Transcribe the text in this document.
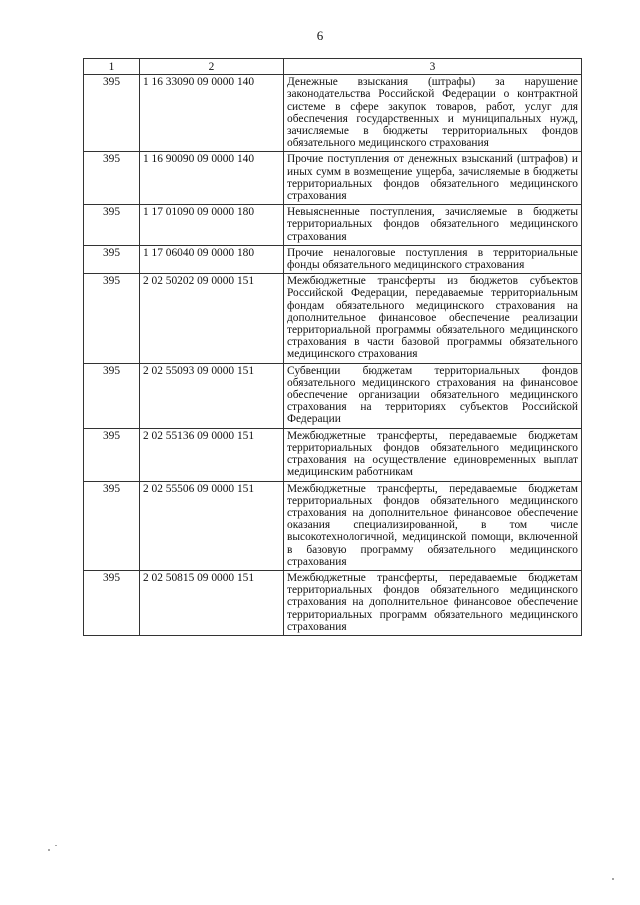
6
1	2	3
395	1 16 33090 09 0000 140	Денежные взыскания (штрафы) за нарушение законодательства Российской Федерации о контрактной системе в сфере закупок товаров, работ, услуг для обеспечения государственных и муниципальных нужд, зачисляемые в бюджеты территориальных фондов обязательного медицинского страхования
395	1 16 90090 09 0000 140	Прочие поступления от денежных взысканий (штрафов) и иных сумм в возмещение ущерба, зачисляемые в бюджеты территориальных фондов обязательного медицинского страхования
395	1 17 01090 09 0000 180	Невыясненные поступления, зачисляемые в бюджеты территориальных фондов обязательного медицинского страхования
395	1 17 06040 09 0000 180	Прочие неналоговые поступления в территориальные фонды обязательного медицинского страхования
395	2 02 50202 09 0000 151	Межбюджетные трансферты из бюджетов субъектов Российской Федерации, передаваемые территориальным фондам обязательного медицинского страхования на дополнительное финансовое обеспечение реализации территориальной программы обязательного медицинского страхования в части базовой программы обязательного медицинского страхования
395	2 02 55093 09 0000 151	Субвенции бюджетам территориальных фондов обязательного медицинского страхования на финансовое обеспечение организации обязательного медицинского страхования на территориях субъектов Российской Федерации
395	2 02 55136 09 0000 151	Межбюджетные трансферты, передаваемые бюджетам территориальных фондов обязательного медицинского страхования на осуществление единовременных выплат медицинским работникам
395	2 02 55506 09 0000 151	Межбюджетные трансферты, передаваемые бюджетам территориальных фондов обязательного медицинского страхования на дополнительное финансовое обеспечение оказания специализированной, в том числе высокотехнологичной, медицинской помощи, включенной в базовую программу обязательного медицинского страхования
395	2 02 50815 09 0000 151	Межбюджетные трансферты, передаваемые бюджетам территориальных фондов обязательного медицинского страхования на дополнительное финансовое обеспечение территориальных программ обязательного медицинского страхования
